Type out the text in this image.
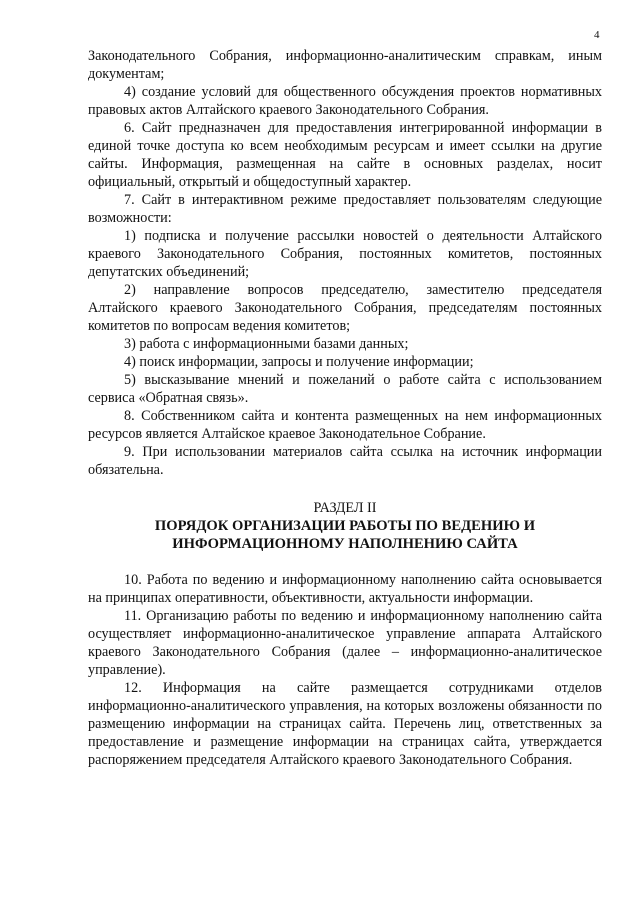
4

Законодательного Собрания, информационно-аналитическим справкам, иным документам;

4) создание условий для общественного обсуждения проектов нормативных правовых актов Алтайского краевого Законодательного Собрания.

6. Сайт предназначен для предоставления интегрированной информации в единой точке доступа ко всем необходимым ресурсам и имеет ссылки на другие сайты. Информация, размещенная на сайте в основных разделах, носит официальный, открытый и общедоступный характер.

7. Сайт в интерактивном режиме предоставляет пользователям следующие возможности:

1) подписка и получение рассылки новостей о деятельности Алтайского краевого Законодательного Собрания, постоянных комитетов, постоянных депутатских объединений;

2) направление вопросов председателю, заместителю председателя Алтайского краевого Законодательного Собрания, председателям постоянных комитетов по вопросам ведения комитетов;

3) работа с информационными базами данных;

4) поиск информации, запросы и получение информации;

5) высказывание мнений и пожеланий о работе сайта с использованием сервиса «Обратная связь».

8. Собственником сайта и контента размещенных на нем информационных ресурсов является Алтайское краевое Законодательное Собрание.

9. При использовании материалов сайта ссылка на источник информации обязательна.

РАЗДЕЛ II

ПОРЯДОК ОРГАНИЗАЦИИ РАБОТЫ ПО ВЕДЕНИЮ И ИНФОРМАЦИОННОМУ НАПОЛНЕНИЮ САЙТА

10. Работа по ведению и информационному наполнению сайта основывается на принципах оперативности, объективности, актуальности информации.

11. Организацию работы по ведению и информационному наполнению сайта осуществляет информационно-аналитическое управление аппарата Алтайского краевого Законодательного Собрания (далее – информационно-аналитическое управление).

12. Информация на сайте размещается сотрудниками отделов информационно-аналитического управления, на которых возложены обязанности по размещению информации на страницах сайта. Перечень лиц, ответственных за предоставление и размещение информации на страницах сайта, утверждается распоряжением председателя Алтайского краевого Законодательного Собрания.
